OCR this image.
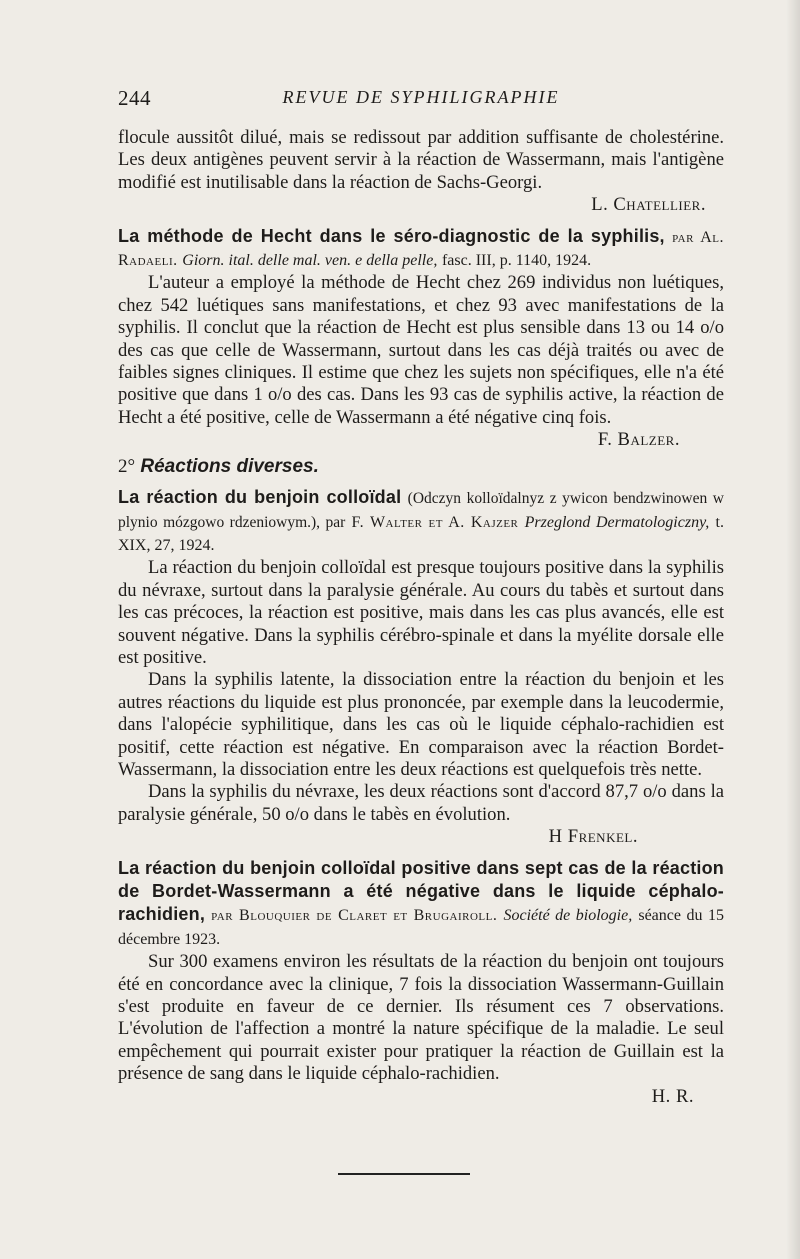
244	REVUE DE SYPHILIGRAPHIE

flocule aussitôt dilué, mais se redissout par addition suffisante de cholestérine. Les deux antigènes peuvent servir à la réaction de Wassermann, mais l'antigène modifié est inutilisable dans la réaction de Sachs-Georgi.

L. Chatellier.

La méthode de Hecht dans le séro-diagnostic de la syphilis, par Al. Radaeli. Giorn. ital. delle mal. ven. e della pelle, fasc. III, p. 1140, 1924.

L'auteur a employé la méthode de Hecht chez 269 individus non luétiques, chez 542 luétiques sans manifestations, et chez 93 avec manifestations de la syphilis. Il conclut que la réaction de Hecht est plus sensible dans 13 ou 14 o/o des cas que celle de Wassermann, surtout dans les cas déjà traités ou avec de faibles signes cliniques. Il estime que chez les sujets non spécifiques, elle n'a été positive que dans 1 o/o des cas. Dans les 93 cas de syphilis active, la réaction de Hecht a été positive, celle de Wassermann a été négative cinq fois.

F. Balzer.

2° Réactions diverses.
La réaction du benjoin colloïdal (Odczyn kolloïdalnyz z ywicon bendzwinowen w plynio mózgowo rdzeniowym.), par F. Walter et A. Kajzer Przeglond Dermatologiczny, t. XIX, 27, 1924.

La réaction du benjoin colloïdal est presque toujours positive dans la syphilis du névraxe, surtout dans la paralysie générale. Au cours du tabès et surtout dans les cas précoces, la réaction est positive, mais dans les cas plus avancés, elle est souvent négative. Dans la syphilis cérébro-spinale et dans la myélite dorsale elle est positive.

Dans la syphilis latente, la dissociation entre la réaction du benjoin et les autres réactions du liquide est plus prononcée, par exemple dans la leucodermie, dans l'alopécie syphilitique, dans les cas où le liquide céphalo-rachidien est positif, cette réaction est négative. En comparaison avec la réaction Bordet-Wassermann, la dissociation entre les deux réactions est quelquefois très nette.

Dans la syphilis du névraxe, les deux réactions sont d'accord 87,7 o/o dans la paralysie générale, 50 o/o dans le tabès en évolution.

H Frenkel.

La réaction du benjoin colloïdal positive dans sept cas de la réaction de Bordet-Wassermann a été négative dans le liquide céphalo-rachidien, par Blouquier de Claret et Brugairoll. Société de biologie, séance du 15 décembre 1923.

Sur 300 examens environ les résultats de la réaction du benjoin ont toujours été en concordance avec la clinique, 7 fois la dissociation Wassermann-Guillain s'est produite en faveur de ce dernier. Ils résument ces 7 observations. L'évolution de l'affection a montré la nature spécifique de la maladie. Le seul empêchement qui pourrait exister pour pratiquer la réaction de Guillain est la présence de sang dans le liquide céphalo-rachidien.

H. R.
